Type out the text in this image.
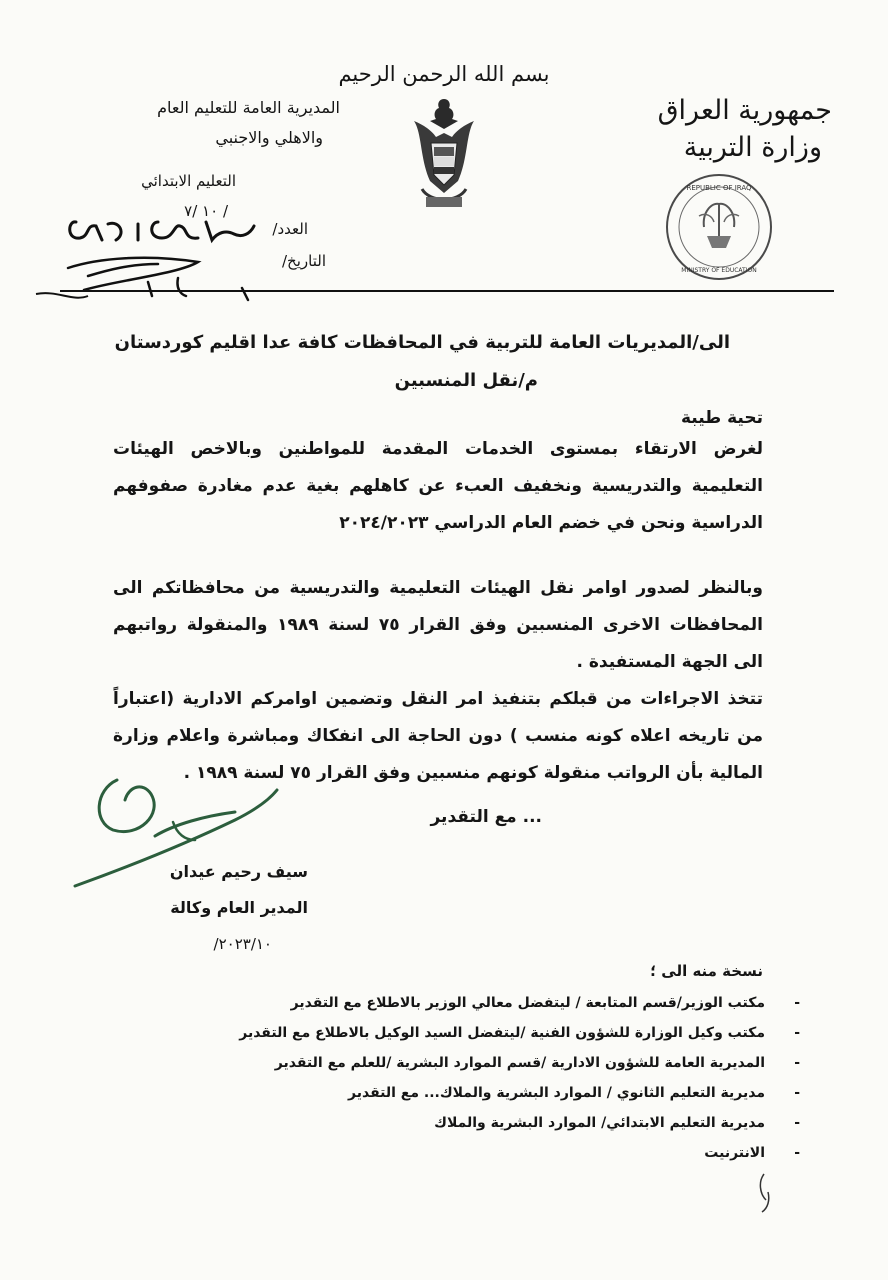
بسم الله الرحمن الرحيم
جمهورية العراق
وزارة التربية
المديرية العامة للتعليم العام
والاهلي والاجنبي
التعليم الابتدائي
١٠ /٧ /
العدد/
التاريخ/
REPUBLIC OF IRAQ
MINISTRY OF EDUCATION
الى/المديريات العامة للتربية في المحافظات كافة عدا اقليم كوردستان
م/نقل المنسبين
تحية طيبة
لغرض الارتقاء بمستوى الخدمات المقدمة للمواطنين وبالاخص الهيئات التعليمية والتدريسية ونخفيف العبء عن كاهلهم بغية عدم مغادرة صفوفهم الدراسية ونحن في خضم العام الدراسي ٢٠٢٤/٢٠٢٣
وبالنظر لصدور اوامر نقل الهيئات التعليمية والتدريسية من محافظاتكم الى المحافظات الاخرى المنسبين وفق القرار ٧٥ لسنة ١٩٨٩ والمنقولة رواتبهم الى الجهة المستفيدة .
تتخذ الاجراءات من قبلكم بتنفيذ امر النقل وتضمين اوامركم الادارية (اعتباراً من تاريخه اعلاه كونه منسب ) دون الحاجة الى انفكاك ومباشرة واعلام وزارة المالية بأن الرواتب منقولة كونهم منسبين وفق القرار ٧٥ لسنة ١٩٨٩ .
... مع التقدير
سيف رحيم عيدان
المدير العام وكالة
٢٠٢٣/١٠/
نسخة منه الى ؛
-
مكتب الوزير/قسم المتابعة / ليتفضل معالي الوزير بالاطلاع مع التقدير
-
مكتب وكيل الوزارة للشؤون الفنية /ليتفضل السيد الوكيل بالاطلاع مع التقدير
-
المديرية العامة للشؤون الادارية /قسم الموارد البشرية /للعلم مع التقدير
-
مديرية التعليم الثانوي / الموارد البشرية والملاك... مع التقدير
-
مديرية التعليم الابتدائي/ الموارد البشرية والملاك
-
الانترنيت
